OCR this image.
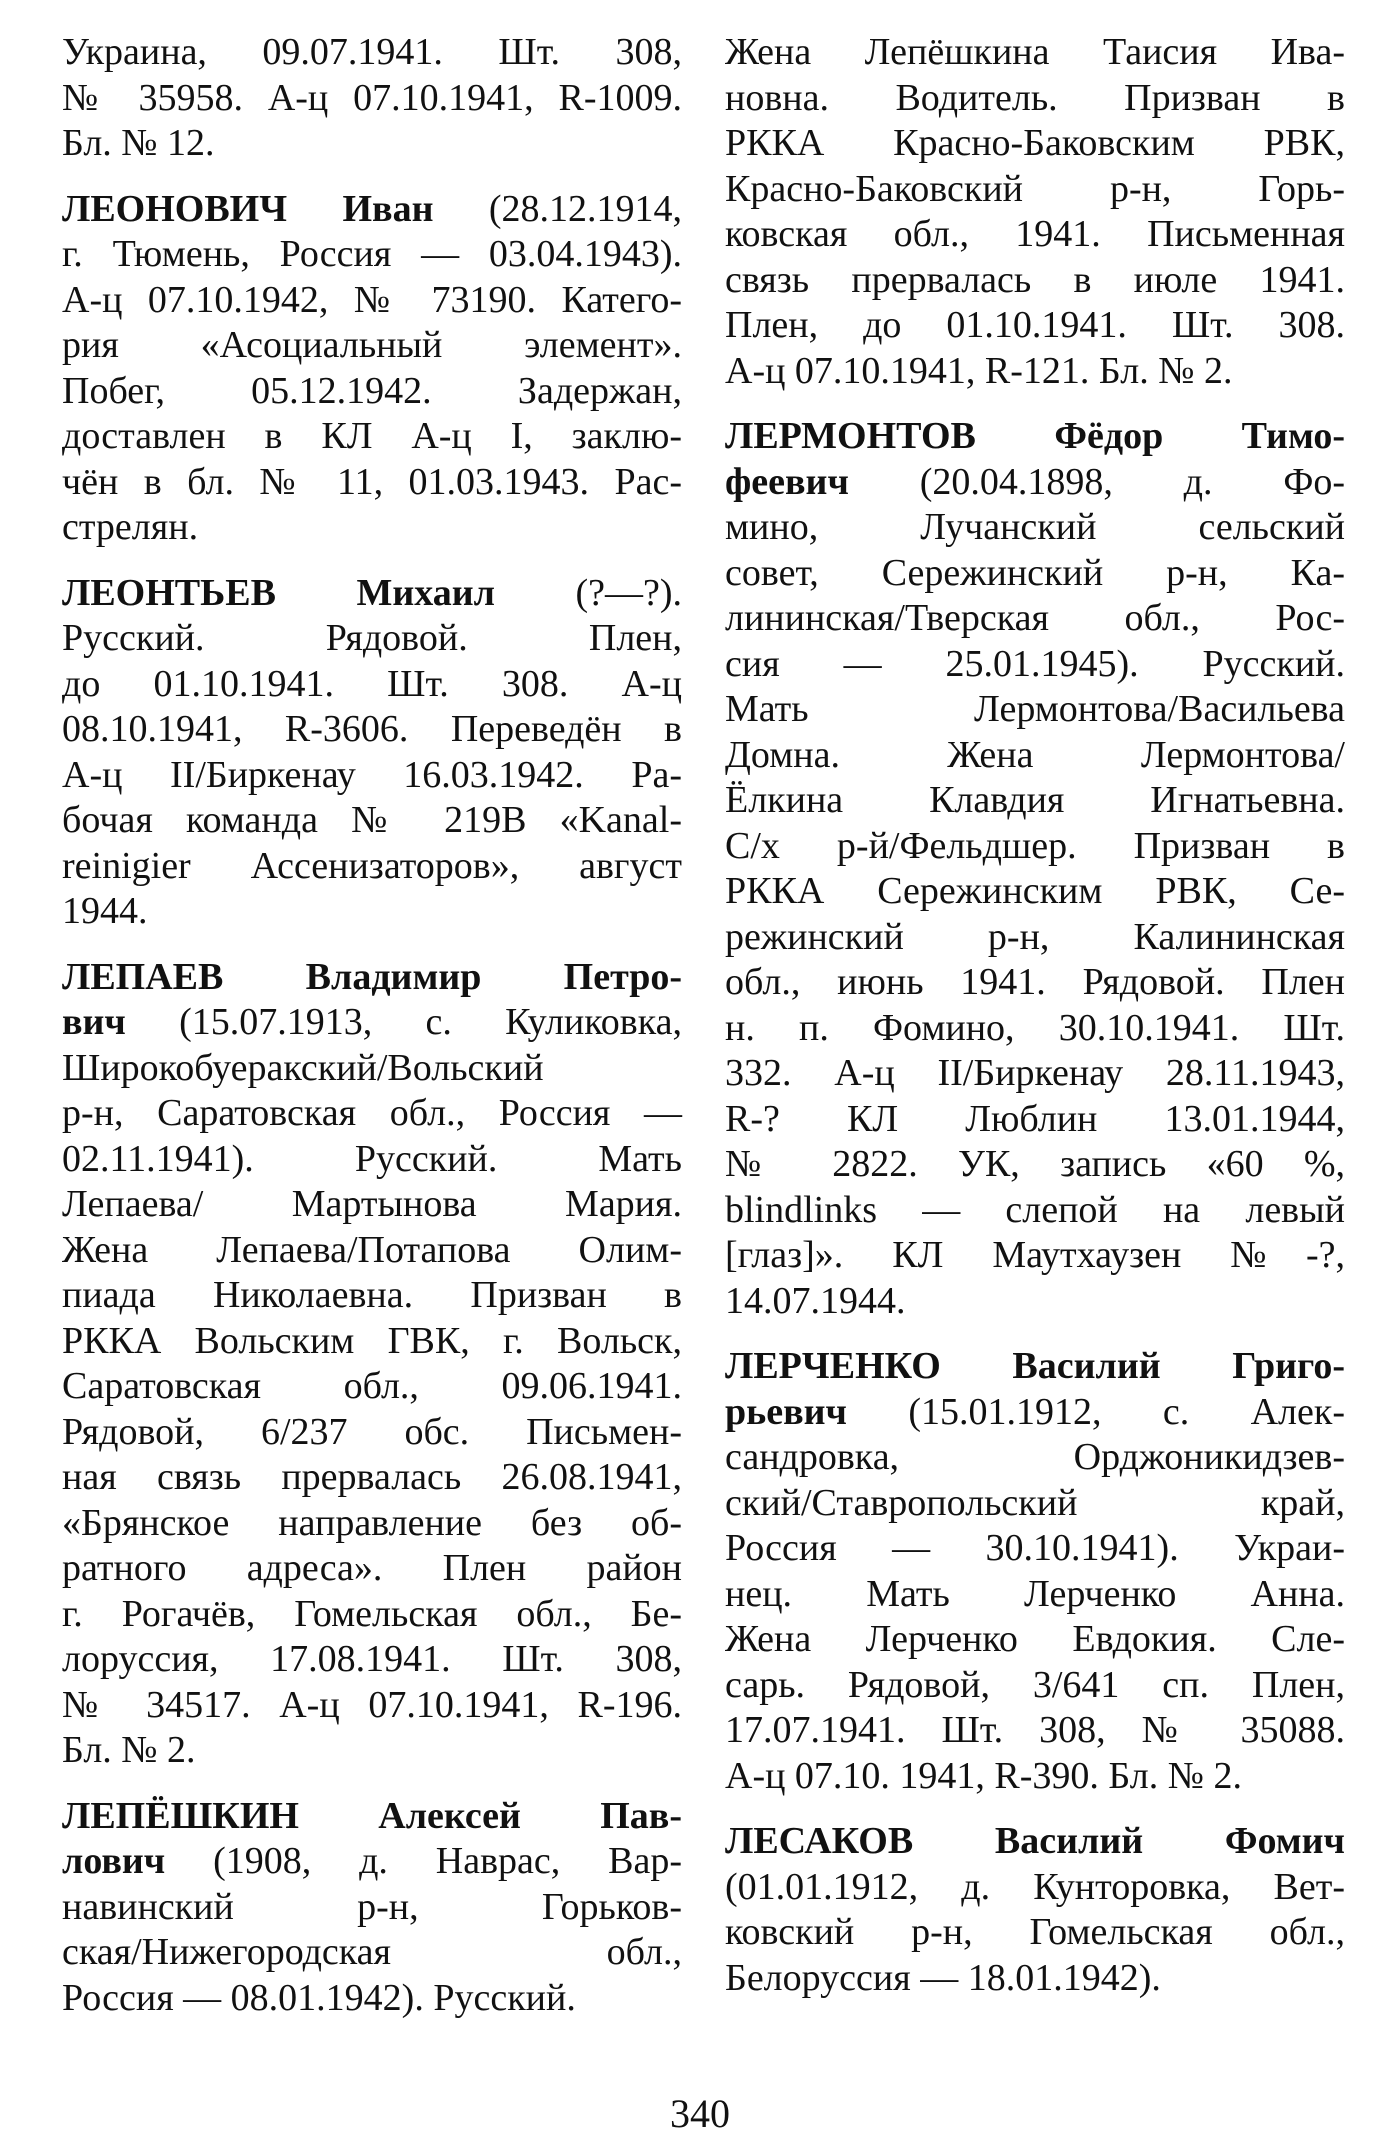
Украина, 09.07.1941. Шт. 308,
№ 35958. А-ц 07.10.1941, R-1009.
Бл. № 12.
ЛЕОНОВИЧ Иван (28.12.1914,
г. Тюмень, Россия — 03.04.1943).
А-ц 07.10.1942, № 73190. Катего-
рия «Асоциальный элемент».
Побег, 05.12.1942. Задержан,
доставлен в КЛ А-ц I, заклю-
чён в бл. № 11, 01.03.1943. Рас-
стрелян.
ЛЕОНТЬЕВ Михаил (?—?).
Русский. Рядовой. Плен,
до 01.10.1941. Шт. 308. А-ц
08.10.1941, R-3606. Переведён в
А-ц II/Биркенау 16.03.1942. Ра-
бочая команда № 219В «Kanal-
reinigier Ассенизаторов», август
1944.
ЛЕПАЕВ Владимир Петро-
вич (15.07.1913, с. Куликовка,
Широкобуеракский/Вольский
р-н, Саратовская обл., Россия —
02.11.1941). Русский. Мать
Лепаева/ Мартынова Мария.
Жена Лепаева/Потапова Олим-
пиада Николаевна. Призван в
РККА Вольским ГВК, г. Вольск,
Саратовская обл., 09.06.1941.
Рядовой, 6/237 обс. Письмен-
ная связь прервалась 26.08.1941,
«Брянское направление без об-
ратного адреса». Плен район
г. Рогачёв, Гомельская обл., Бе-
лоруссия, 17.08.1941. Шт. 308,
№ 34517. А-ц 07.10.1941, R-196.
Бл. № 2.
ЛЕПЁШКИН Алексей Пав-
лович (1908, д. Наврас, Вар-
навинский р-н, Горьков-
ская/Нижегородская обл.,
Россия — 08.01.1942). Русский.
Жена Лепёшкина Таисия Ива-
новна. Водитель. Призван в
РККА Красно-Баковским РВК,
Красно-Баковский р-н, Горь-
ковская обл., 1941. Письменная
связь прервалась в июле 1941.
Плен, до 01.10.1941. Шт. 308.
А-ц 07.10.1941, R-121. Бл. № 2.
ЛЕРМОНТОВ Фёдор Тимо-
феевич (20.04.1898, д. Фо-
мино, Лучанский сельский
совет, Сережинский р-н, Ка-
лининская/Тверская обл., Рос-
сия — 25.01.1945). Русский.
Мать Лермонтова/Васильева
Домна. Жена Лермонтова/
Ёлкина Клавдия Игнатьевна.
С/х р-й/Фельдшер. Призван в
РККА Сережинским РВК, Се-
режинский р-н, Калининская
обл., июнь 1941. Рядовой. Плен
н. п. Фомино, 30.10.1941. Шт.
332. А-ц II/Биркенау 28.11.1943,
R-? КЛ Люблин 13.01.1944,
№ 2822. УК, запись «60 %,
blindlinks — слепой на левый
[глаз]». КЛ Маутхаузен №-?,
14.07.1944.
ЛЕРЧЕНКО Василий Григо-
рьевич (15.01.1912, с. Алек-
сандровка, Орджоникидзев-
ский/Ставропольский край,
Россия — 30.10.1941). Украи-
нец. Мать Лерченко Анна.
Жена Лерченко Евдокия. Сле-
сарь. Рядовой, 3/641 сп. Плен,
17.07.1941. Шт. 308, № 35088.
А-ц 07.10. 1941, R-390. Бл. № 2.
ЛЕСАКОВ Василий Фомич
(01.01.1912, д. Кунторовка, Вет-
ковский р-н, Гомельская обл.,
Белоруссия — 18.01.1942).
340
